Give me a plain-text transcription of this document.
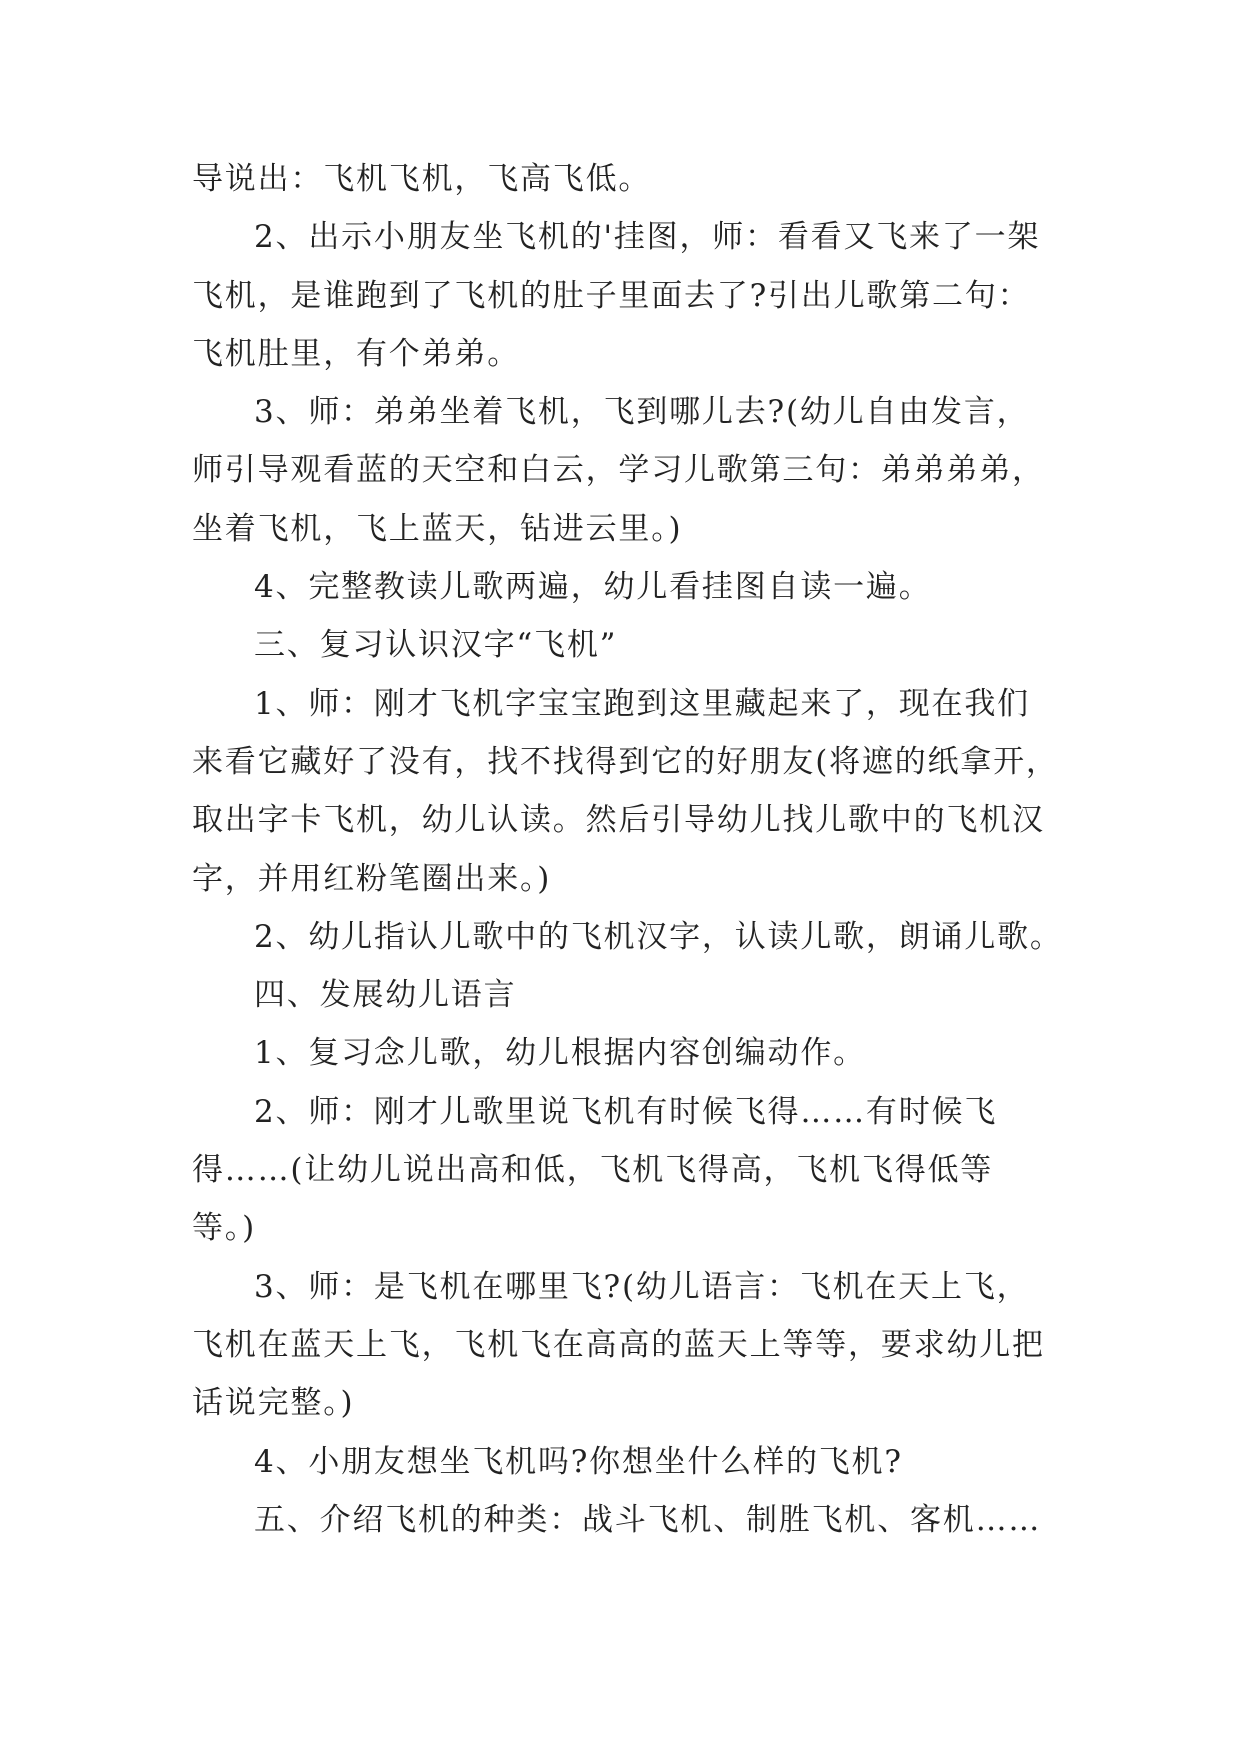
导说出：飞机飞机，飞高飞低。
2、出示小朋友坐飞机的'挂图，师：看看又飞来了一架
飞机，是谁跑到了飞机的肚子里面去了?引出儿歌第二句：
飞机肚里，有个弟弟。
3、师：弟弟坐着飞机，飞到哪儿去?(幼儿自由发言，
师引导观看蓝的天空和白云，学习儿歌第三句：弟弟弟弟，
坐着飞机，飞上蓝天，钻进云里。)
4、完整教读儿歌两遍，幼儿看挂图自读一遍。
三、复习认识汉字“飞机”
1、师：刚才飞机字宝宝跑到这里藏起来了，现在我们
来看它藏好了没有，找不找得到它的好朋友(将遮的纸拿开，
取出字卡飞机，幼儿认读。然后引导幼儿找儿歌中的飞机汉
字，并用红粉笔圈出来。)
2、幼儿指认儿歌中的飞机汉字，认读儿歌，朗诵儿歌。
四、发展幼儿语言
1、复习念儿歌，幼儿根据内容创编动作。
2、师：刚才儿歌里说飞机有时候飞得……有时候飞
得……(让幼儿说出高和低，飞机飞得高，飞机飞得低等
等。)
3、师：是飞机在哪里飞?(幼儿语言：飞机在天上飞，
飞机在蓝天上飞，飞机飞在高高的蓝天上等等，要求幼儿把
话说完整。)
4、小朋友想坐飞机吗?你想坐什么样的飞机?
五、介绍飞机的种类：战斗飞机、制胜飞机、客机……
